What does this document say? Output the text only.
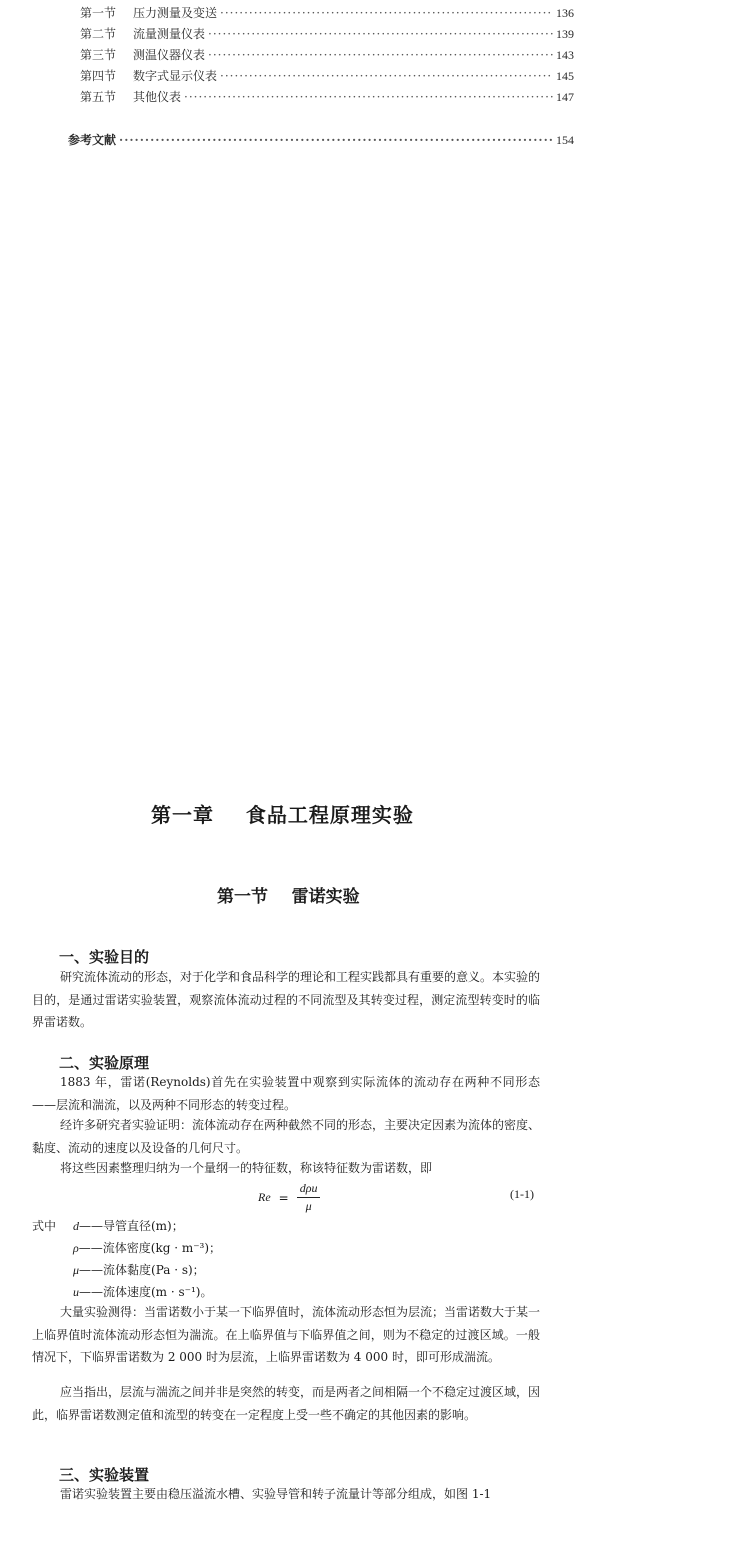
第一节	压力测量及变送 ·····	136
第二节	流量测量仪表 ·····	139
第三节	测温仪器仪表 ·····	143
第四节	数字式显示仪表 ·····	145
第五节	其他仪表 ·····	147
参考文献 ·····	154
第一章    食品工程原理实验
第一节    雷诺实验
一、实验目的

研究流体流动的形态，对于化学和食品科学的理论和工程实践都具有重要的意义。本实验的目的，是通过雷诺实验装置，观察流体流动过程的不同流型及其转变过程，测定流型转变时的临界雷诺数。

二、实验原理

1883 年，雷诺(Reynolds)首先在实验装置中观察到实际流体的流动存在两种不同形态——层流和湍流，以及两种不同形态的转变过程。

经许多研究者实验证明：流体流动存在两种截然不同的形态，主要决定因素为流体的密度、黏度、流动的速度以及设备的几何尺寸。

将这些因素整理归纳为一个量纲一的特征数，称该特征数为雷诺数，即

$Re = \frac{\text{dρu}}{\mu}$	(1-1)
式中 d——导管直径(m)；
ρ——流体密度(kg · m⁻³)；
μ——流体黏度(Pa · s)；
u——流体速度(m · s⁻¹)。

大量实验测得：当雷诺数小于某一下临界值时，流体流动形态恒为层流；当雷诺数大于某一上临界值时流体流动形态恒为湍流。在上临界值与下临界值之间，则为不稳定的过渡区域。一般情况下，下临界雷诺数为 2 000 时为层流，上临界雷诺数为 4 000 时，即可形成湍流。

应当指出，层流与湍流之间并非是突然的转变，而是两者之间相隔一个不稳定过渡区域，因此，临界雷诺数测定值和流型的转变在一定程度上受一些不确定的其他因素的影响。

三、实验装置

雷诺实验装置主要由稳压溢流水槽、实验导管和转子流量计等部分组成，如图 1-1
